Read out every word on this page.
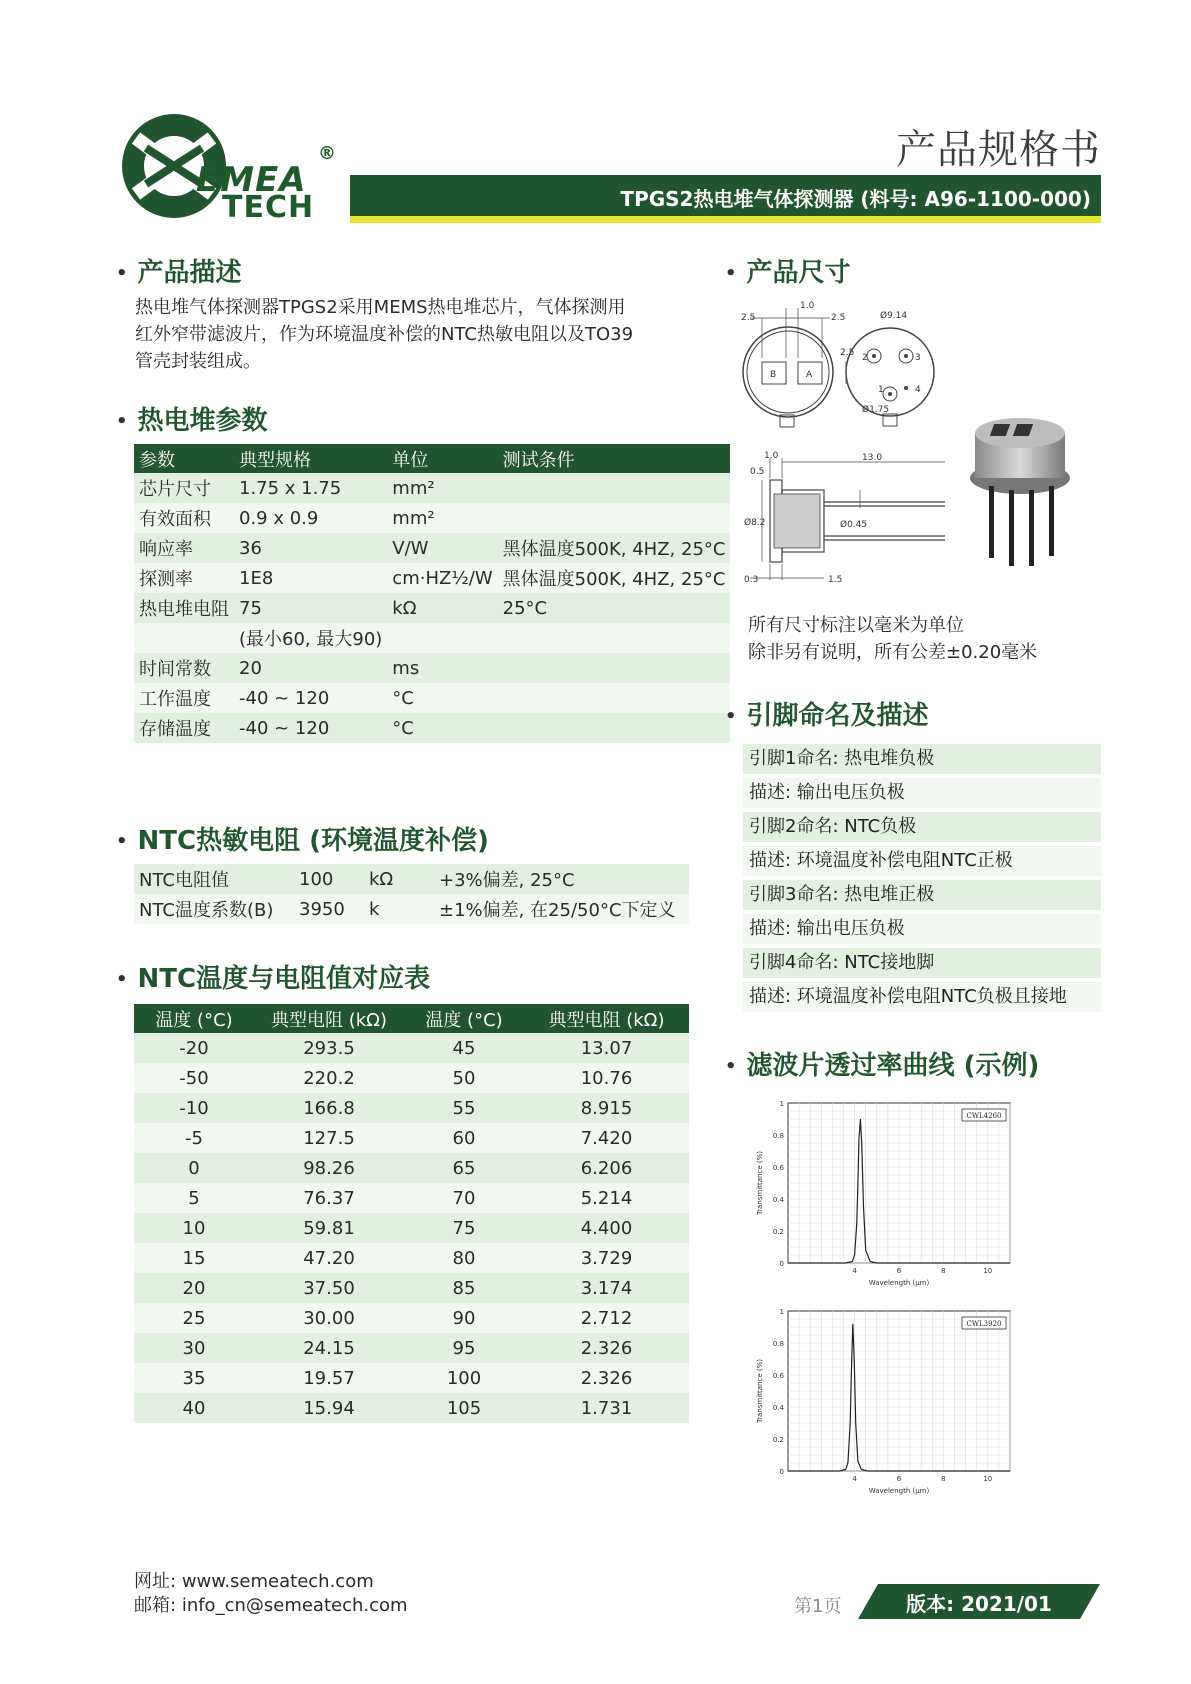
®
EMEA
TECH
产品规格书
TPGS2热电堆气体探测器 (料号: A96-1100-000)
• 产品描述
热电堆气体探测器TPGS2采用MEMS热电堆芯片，气体探测用
红外窄带滤波片，作为环境温度补偿的NTC热敏电阻以及TO39
管壳封装组成。
• 热电堆参数
参数	典型规格	单位	测试条件
芯片尺寸	1.75 x 1.75	mm²	
有效面积	0.9 x 0.9	mm²	
响应率	36	V/W	黑体温度500K, 4HZ, 25°C
探测率	1E8	cm·HZ½/W	黑体温度500K, 4HZ, 25°C
热电堆电阻	75	kΩ	25°C
	(最小60, 最大90)		
时间常数	20	ms	
工作温度	-40 ~ 120	°C	
存储温度	-40 ~ 120	°C	
• NTC热敏电阻 (环境温度补偿)
NTC电阻值	100	kΩ	+3%偏差, 25°C
NTC温度系数(B)	3950	k	±1%偏差, 在25/50°C下定义
• NTC温度与电阻值对应表
温度 (°C)	典型电阻 (kΩ)	温度 (°C)	典型电阻 (kΩ)
-20	293.5	45	13.07
-50	220.2	50	10.76
-10	166.8	55	8.915
-5	127.5	60	7.420
0	98.26	65	6.206
5	76.37	70	5.214
10	59.81	75	4.400
15	47.20	80	3.729
20	37.50	85	3.174
25	30.00	90	2.712
30	24.15	95	2.326
35	19.57	100	2.326
40	15.94	105	1.731
• 产品尺寸
B	A
2.5
1.0
2.5
2.5 2	3
1	4
Ø9.14
Ø1.75
1.0
0.5
13.0
Ø8.2	Ø0.45
0.3	1.5
所有尺寸标注以毫米为单位
除非另有说明，所有公差±0.20毫米
• 引脚命名及描述
引脚1命名: 热电堆负极
描述: 输出电压负极
引脚2命名: NTC负极
描述: 环境温度补偿电阻NTC正极
引脚3命名: 热电堆正极
描述: 输出电压负极
引脚4命名: NTC接地脚
描述: 环境温度补偿电阻NTC负极且接地
• 滤波片透过率曲线 (示例)
0
0.2
0.4
0.6
0.8
1
4	6	8	10
Wavelength (μm)
Transmittance (%)
CWL4260
0
0.2
0.4
0.6
0.8
1
4	6	8	10
Wavelength (μm)
Transmittance (%)
CWL3920
网址: www.semeatech.com
邮箱: info_cn@semeatech.com	第1页	版本: 2021/01
